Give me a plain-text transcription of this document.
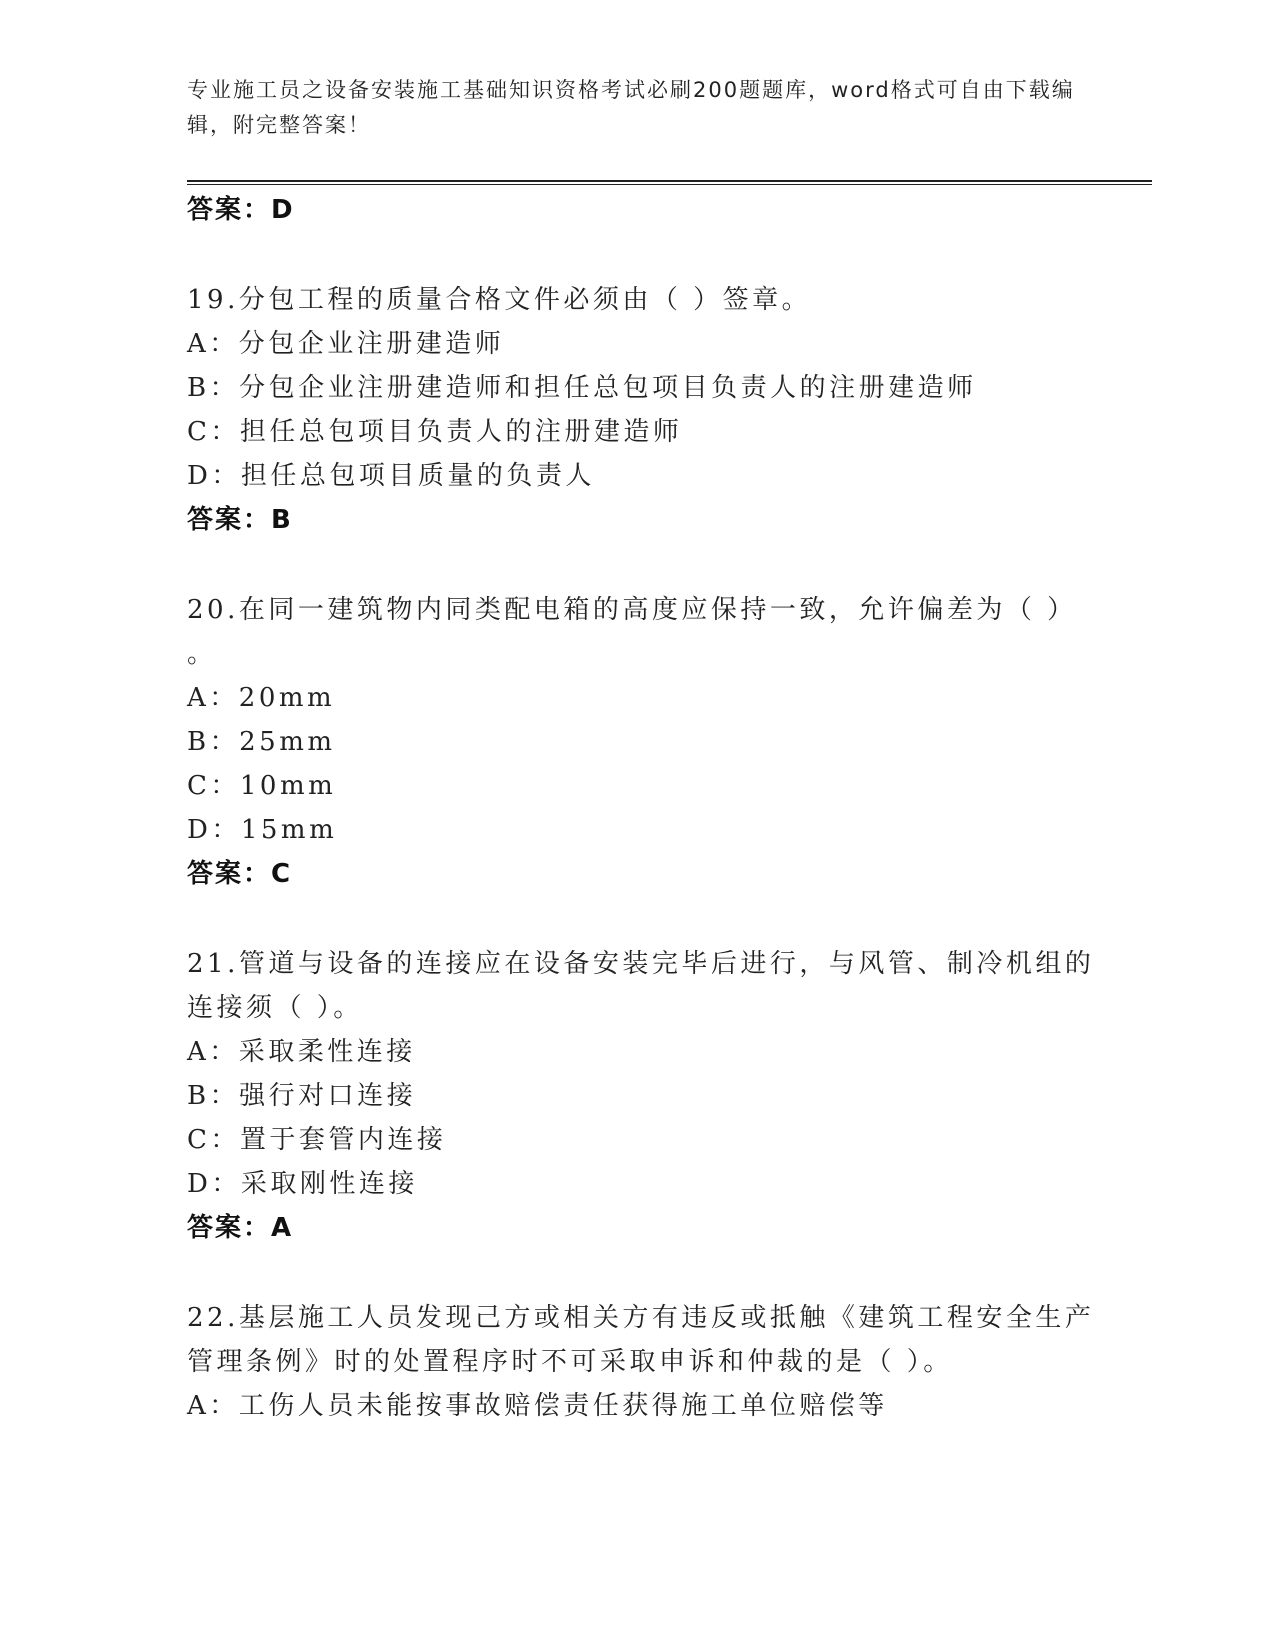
专业施工员之设备安装施工基础知识资格考试必刷200题题库，word格式可自由下载编辑，附完整答案！
答案：D
19.分包工程的质量合格文件必须由（ ）签章。
A：分包企业注册建造师
B：分包企业注册建造师和担任总包项目负责人的注册建造师
C：担任总包项目负责人的注册建造师
D：担任总包项目质量的负责人
答案：B
20.在同一建筑物内同类配电箱的高度应保持一致，允许偏差为（ ）
。
A：20mm
B：25mm
C：10mm
D：15mm
答案：C
21.管道与设备的连接应在设备安装完毕后进行，与风管、制冷机组的
连接须（ ）。
A：采取柔性连接
B：强行对口连接
C：置于套管内连接
D：采取刚性连接
答案：A
22.基层施工人员发现己方或相关方有违反或抵触《建筑工程安全生产
管理条例》时的处置程序时不可采取申诉和仲裁的是（ ）。
A：工伤人员未能按事故赔偿责任获得施工单位赔偿等
